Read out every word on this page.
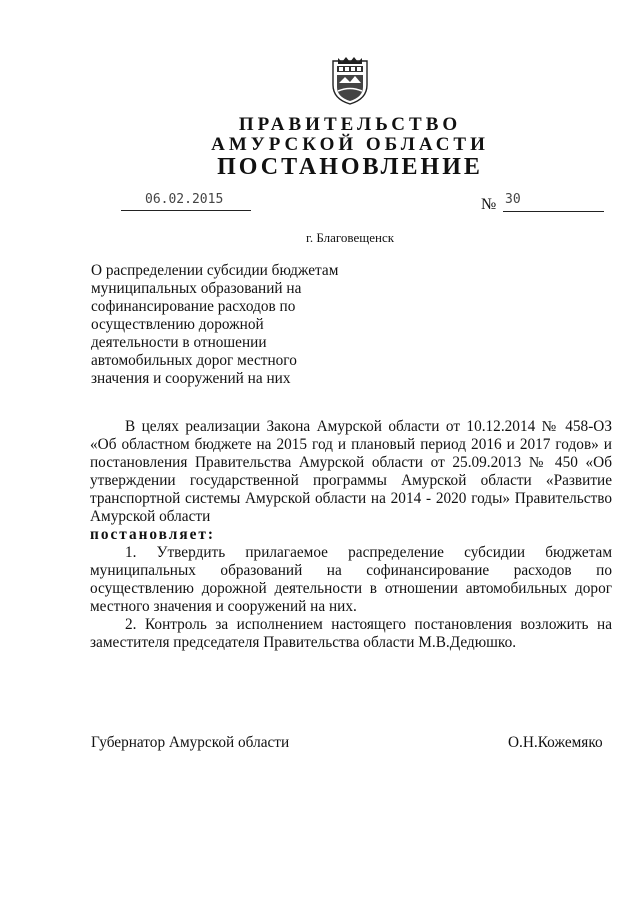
ПРАВИТЕЛЬСТВО
АМУРСКОЙ ОБЛАСТИ
ПОСТАНОВЛЕНИЕ
06.02.2015	№ 30
г. Благовещенск
О распределении субсидии бюджетам муниципальных образований на софинансирование расходов по осуществлению дорожной деятельности в отношении автомобильных дорог местного значения и сооружений на них
В целях реализации Закона Амурской области от 10.12.2014 № 458-ОЗ «Об областном бюджете на 2015 год и плановый период 2016 и 2017 годов» и постановления Правительства Амурской области от 25.09.2013 № 450 «Об утверждении государственной программы Амурской области «Развитие транспортной системы Амурской области на 2014 - 2020 годы» Правительство Амурской области
постановляет:
1. Утвердить прилагаемое распределение субсидии бюджетам муниципальных образований на софинансирование расходов по осуществлению дорожной деятельности в отношении автомобильных дорог местного значения и сооружений на них.
2. Контроль за исполнением настоящего постановления возложить на заместителя председателя Правительства области М.В.Дедюшко.
Губернатор Амурской области	О.Н.Кожемяко
